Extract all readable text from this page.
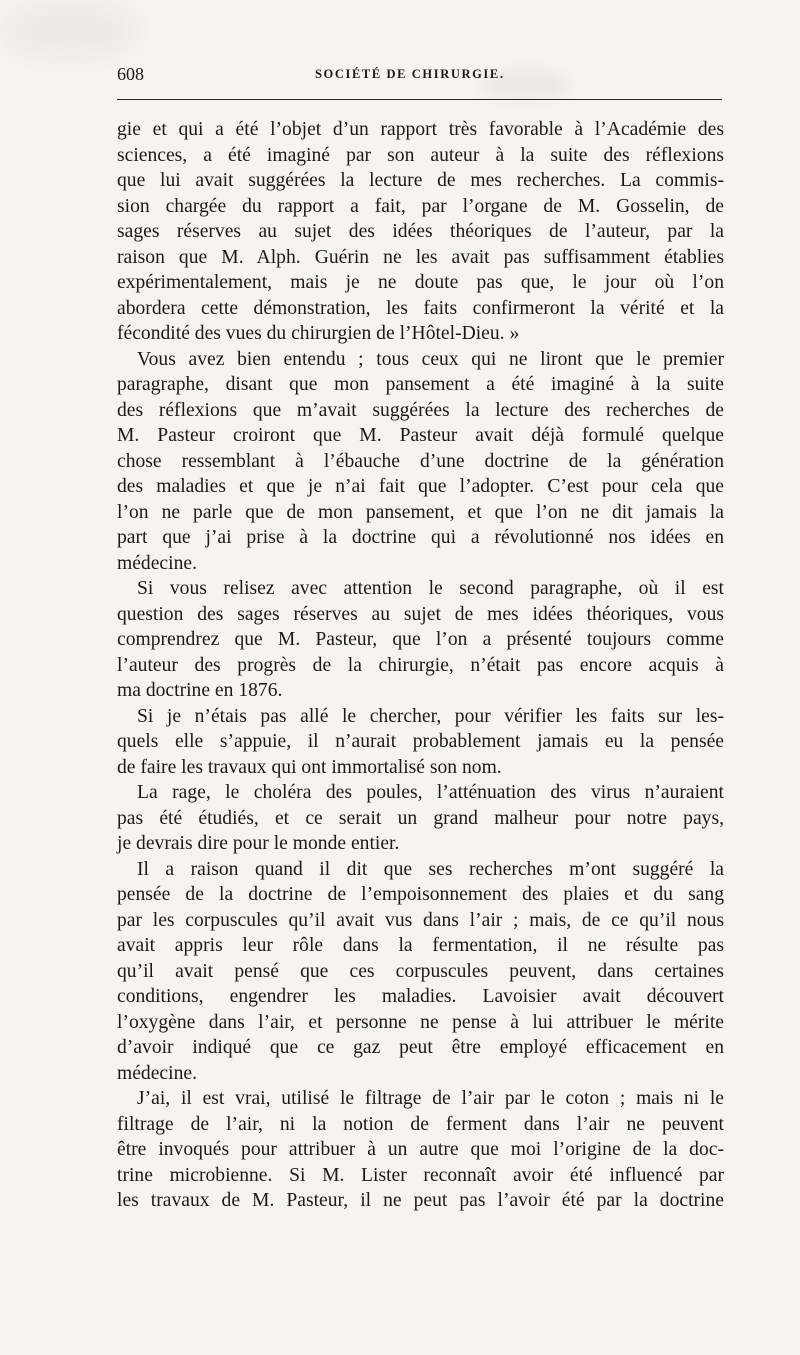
608	SOCIÉTÉ DE CHIRURGIE.
gie et qui a été l’objet d’un rapport très favorable à l’Académie des
sciences, a été imaginé par son auteur à la suite des réflexions
que lui avait suggérées la lecture de mes recherches. La commis-
sion chargée du rapport a fait, par l’organe de M. Gosselin, de
sages réserves au sujet des idées théoriques de l’auteur, par la
raison que M. Alph. Guérin ne les avait pas suffisamment établies
expérimentalement, mais je ne doute pas que, le jour où l’on
abordera cette démonstration, les faits confirmeront la vérité et la
fécondité des vues du chirurgien de l’Hôtel-Dieu. »
Vous avez bien entendu ; tous ceux qui ne liront que le premier
paragraphe, disant que mon pansement a été imaginé à la suite
des réflexions que m’avait suggérées la lecture des recherches de
M. Pasteur croiront que M. Pasteur avait déjà formulé quelque
chose ressemblant à l’ébauche d’une doctrine de la génération
des maladies et que je n’ai fait que l’adopter. C’est pour cela que
l’on ne parle que de mon pansement, et que l’on ne dit jamais la
part que j’ai prise à la doctrine qui a révolutionné nos idées en
médecine.
Si vous relisez avec attention le second paragraphe, où il est
question des sages réserves au sujet de mes idées théoriques, vous
comprendrez que M. Pasteur, que l’on a présenté toujours comme
l’auteur des progrès de la chirurgie, n’était pas encore acquis à
ma doctrine en 1876.
Si je n’étais pas allé le chercher, pour vérifier les faits sur les-
quels elle s’appuie, il n’aurait probablement jamais eu la pensée
de faire les travaux qui ont immortalisé son nom.
La rage, le choléra des poules, l’atténuation des virus n’auraient
pas été étudiés, et ce serait un grand malheur pour notre pays,
je devrais dire pour le monde entier.
Il a raison quand il dit que ses recherches m’ont suggéré la
pensée de la doctrine de l’empoisonnement des plaies et du sang
par les corpuscules qu’il avait vus dans l’air ; mais, de ce qu’il nous
avait appris leur rôle dans la fermentation, il ne résulte pas
qu’il avait pensé que ces corpuscules peuvent, dans certaines
conditions, engendrer les maladies. Lavoisier avait découvert
l’oxygène dans l’air, et personne ne pense à lui attribuer le mérite
d’avoir indiqué que ce gaz peut être employé efficacement en
médecine.
J’ai, il est vrai, utilisé le filtrage de l’air par le coton ; mais ni le
filtrage de l’air, ni la notion de ferment dans l’air ne peuvent
être invoqués pour attribuer à un autre que moi l’origine de la doc-
trine microbienne. Si M. Lister reconnaît avoir été influencé par
les travaux de M. Pasteur, il ne peut pas l’avoir été par la doctrine
